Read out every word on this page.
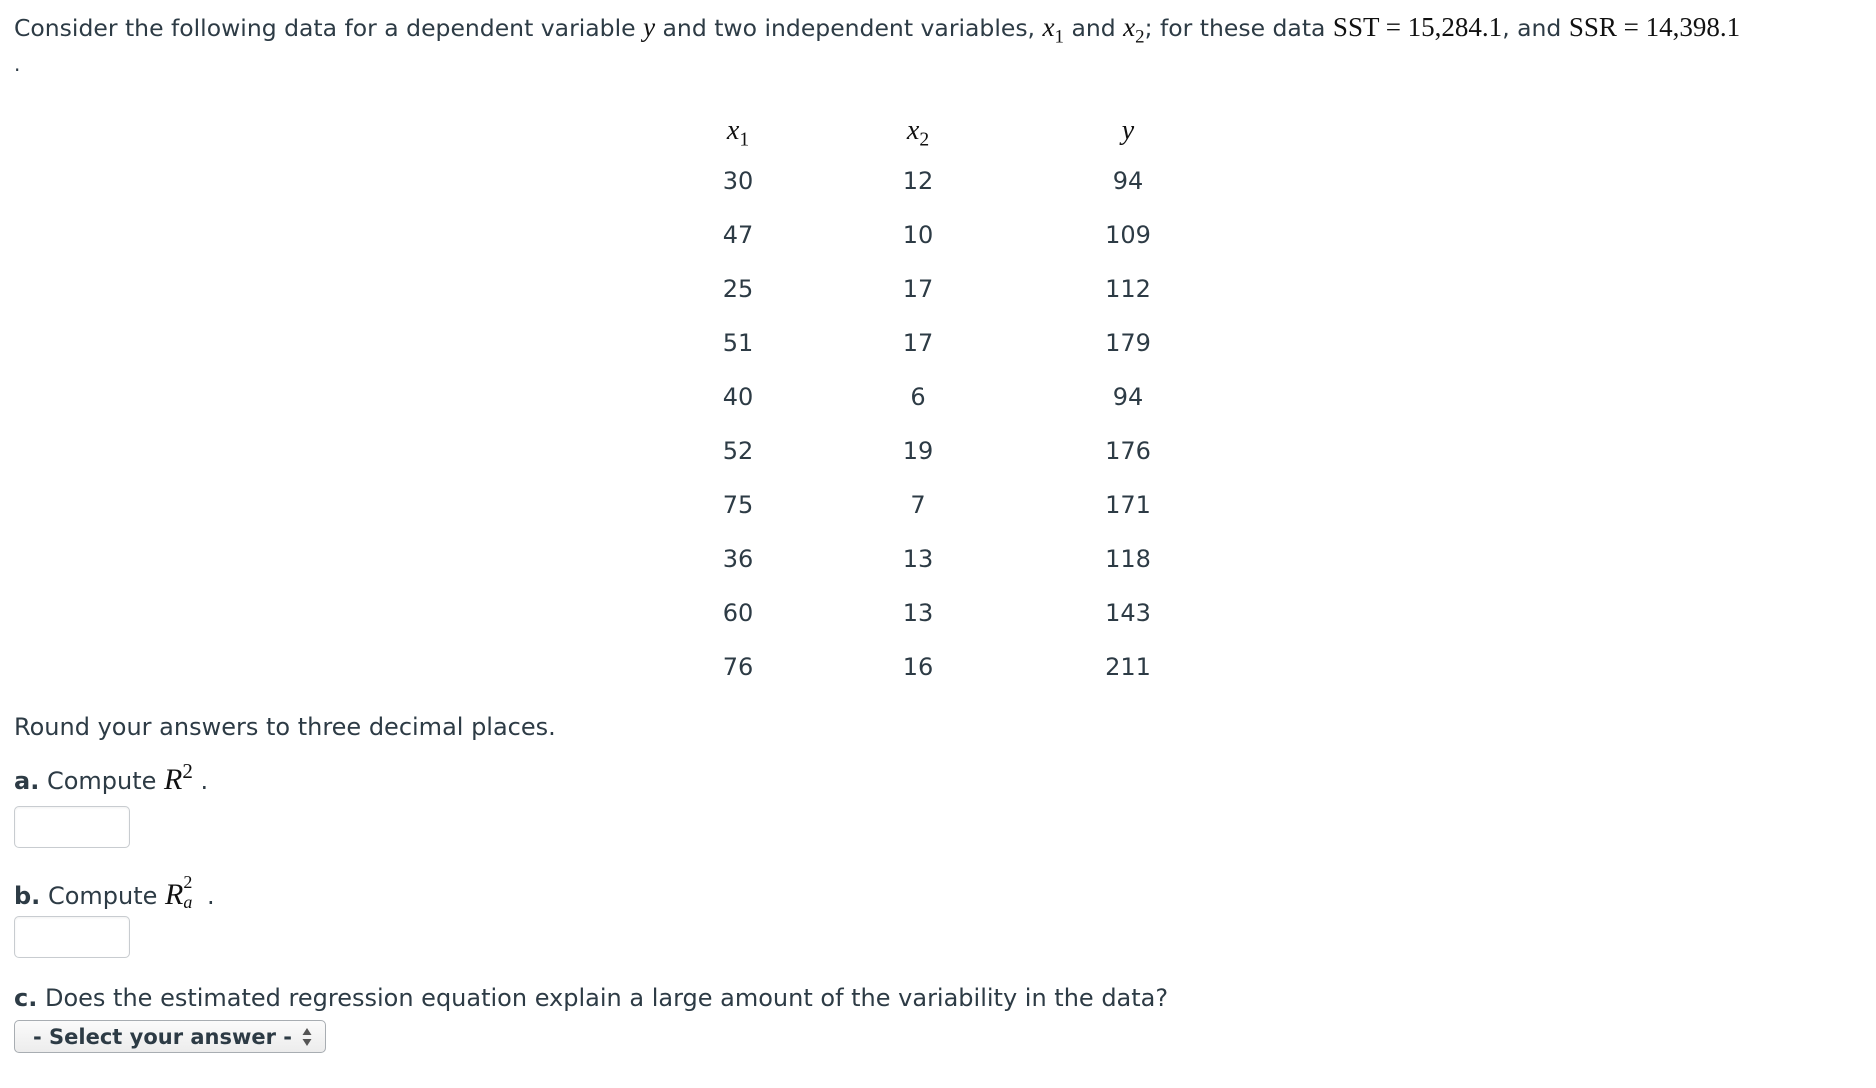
Consider the following data for a dependent variable y and two independent variables, $x_1$ and $x_2$; for these data SST = 15,284.1, and SSR = 14,398.1
.
$x_1$	$x_2$	y
30	12	94
47	10	109
25	17	112
51	17	179
40	6	94
52	19	176
75	7	171
36	13	118
60	13	143
76	16	211
Round your answers to three decimal places.
a. Compute $R^2$ .
b. Compute R 2
a .
c. Does the estimated regression equation explain a large amount of the variability in the data?
- Select your answer -
